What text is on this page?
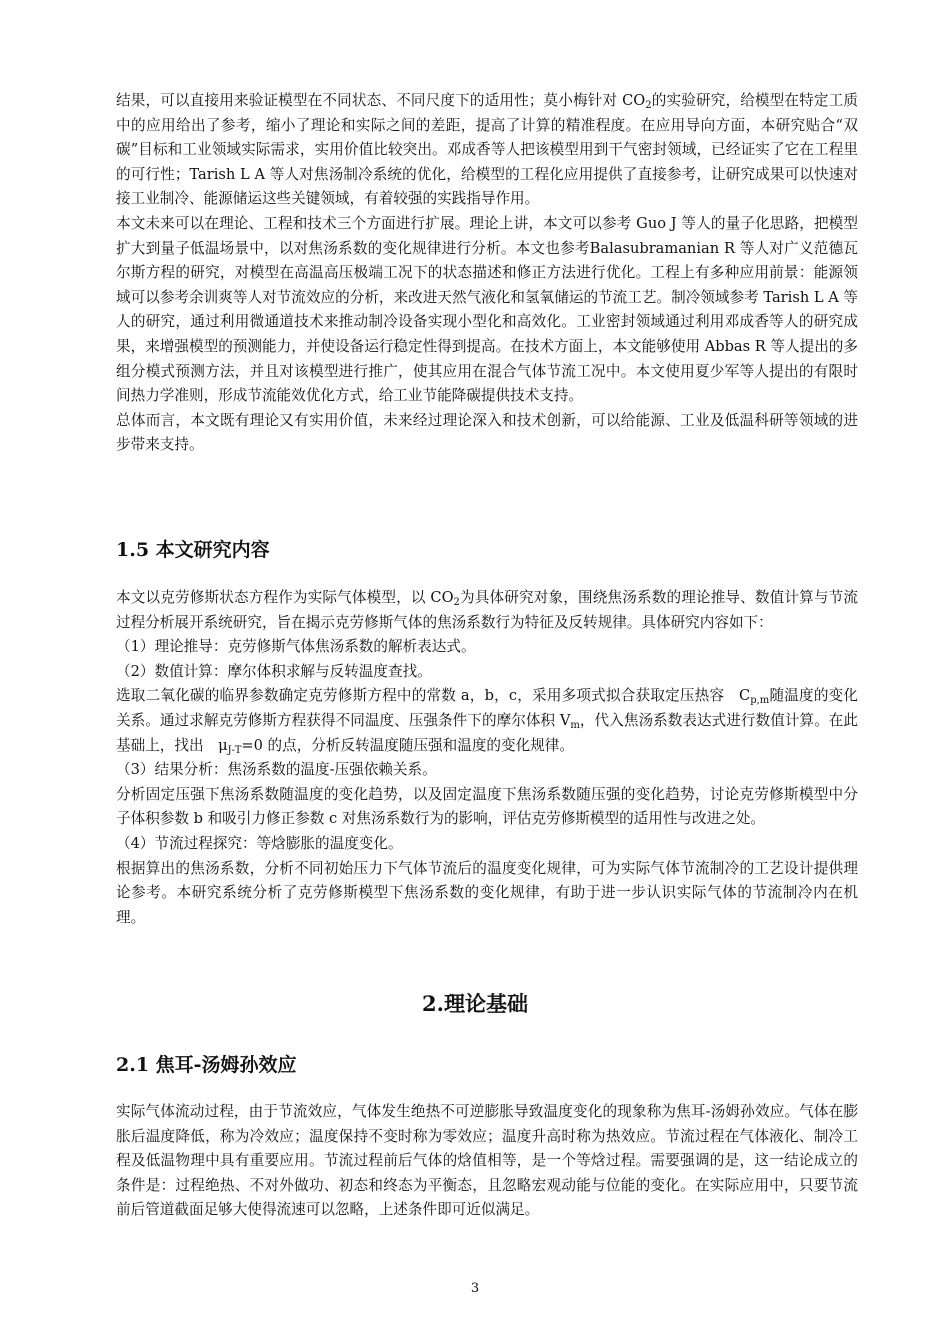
结果，可以直接用来验证模型在不同状态、不同尺度下的适用性；莫小梅针对 $CO_2$的实验研究，给模型在特定工质中的应用给出了参考，缩小了理论和实际之间的差距，提高了计算的精准程度。在应用导向方面，本研究贴合“双碳”目标和工业领域实际需求，实用价值比较突出。邓成香等人把该模型用到干气密封领域，已经证实了它在工程里的可行性；Tarish L A 等人对焦汤制冷系统的优化，给模型的工程化应用提供了直接参考，让研究成果可以快速对接工业制冷、能源储运这些关键领域，有着较强的实践指导作用。

本文未来可以在理论、工程和技术三个方面进行扩展。理论上讲，本文可以参考 Guo J 等人的量子化思路，把模型扩大到量子低温场景中，以对焦汤系数的变化规律进行分析。本文也参考Balasubramanian R 等人对广义范德瓦尔斯方程的研究，对模型在高温高压极端工况下的状态描述和修正方法进行优化。工程上有多种应用前景：能源领域可以参考余训爽等人对节流效应的分析，来改进天然气液化和氢氧储运的节流工艺。制冷领域参考 Tarish L A 等人的研究，通过利用微通道技术来推动制冷设备实现小型化和高效化。工业密封领域通过利用邓成香等人的研究成果，来增强模型的预测能力，并使设备运行稳定性得到提高。在技术方面上，本文能够使用 Abbas R 等人提出的多组分模式预测方法，并且对该模型进行推广，使其应用在混合气体节流工况中。本文使用夏少军等人提出的有限时间热力学准则，形成节流能效优化方式，给工业节能降碳提供技术支持。

总体而言，本文既有理论又有实用价值，未来经过理论深入和技术创新，可以给能源、工业及低温科研等领域的进步带来支持。

1.5 本文研究内容

本文以克劳修斯状态方程作为实际气体模型，以 $CO_2$为具体研究对象，围绕焦汤系数的理论推导、数值计算与节流过程分析展开系统研究，旨在揭示克劳修斯气体的焦汤系数行为特征及反转规律。具体研究内容如下：

（1）理论推导：克劳修斯气体焦汤系数的解析表达式。

（2）数值计算：摩尔体积求解与反转温度查找。

选取二氧化碳的临界参数确定克劳修斯方程中的常数 a，b，c，采用多项式拟合获取定压热容　$C_{p,m}$随温度的变化关系。通过求解克劳修斯方程获得不同温度、压强条件下的摩尔体积 $V_m$，代入焦汤系数表达式进行数值计算。在此基础上，找出　$\mu_{J-T}=0$ 的点，分析反转温度随压强和温度的变化规律。

（3）结果分析：焦汤系数的温度-压强依赖关系。

分析固定压强下焦汤系数随温度的变化趋势，以及固定温度下焦汤系数随压强的变化趋势，讨论克劳修斯模型中分子体积参数 b 和吸引力修正参数 c 对焦汤系数行为的影响，评估克劳修斯模型的适用性与改进之处。

（4）节流过程探究：等焓膨胀的温度变化。

根据算出的焦汤系数，分析不同初始压力下气体节流后的温度变化规律，可为实际气体节流制冷的工艺设计提供理论参考。本研究系统分析了克劳修斯模型下焦汤系数的变化规律，有助于进一步认识实际气体的节流制冷内在机理。

2.理论基础
2.1 焦耳-汤姆孙效应

实际气体流动过程，由于节流效应，气体发生绝热不可逆膨胀导致温度变化的现象称为焦耳-汤姆孙效应。气体在膨胀后温度降低，称为冷效应；温度保持不变时称为零效应；温度升高时称为热效应。节流过程在气体液化、制冷工程及低温物理中具有重要应用。节流过程前后气体的焓值相等，是一个等焓过程。需要强调的是，这一结论成立的条件是：过程绝热、不对外做功、初态和终态为平衡态，且忽略宏观动能与位能的变化。在实际应用中，只要节流前后管道截面足够大使得流速可以忽略，上述条件即可近似满足。

3
